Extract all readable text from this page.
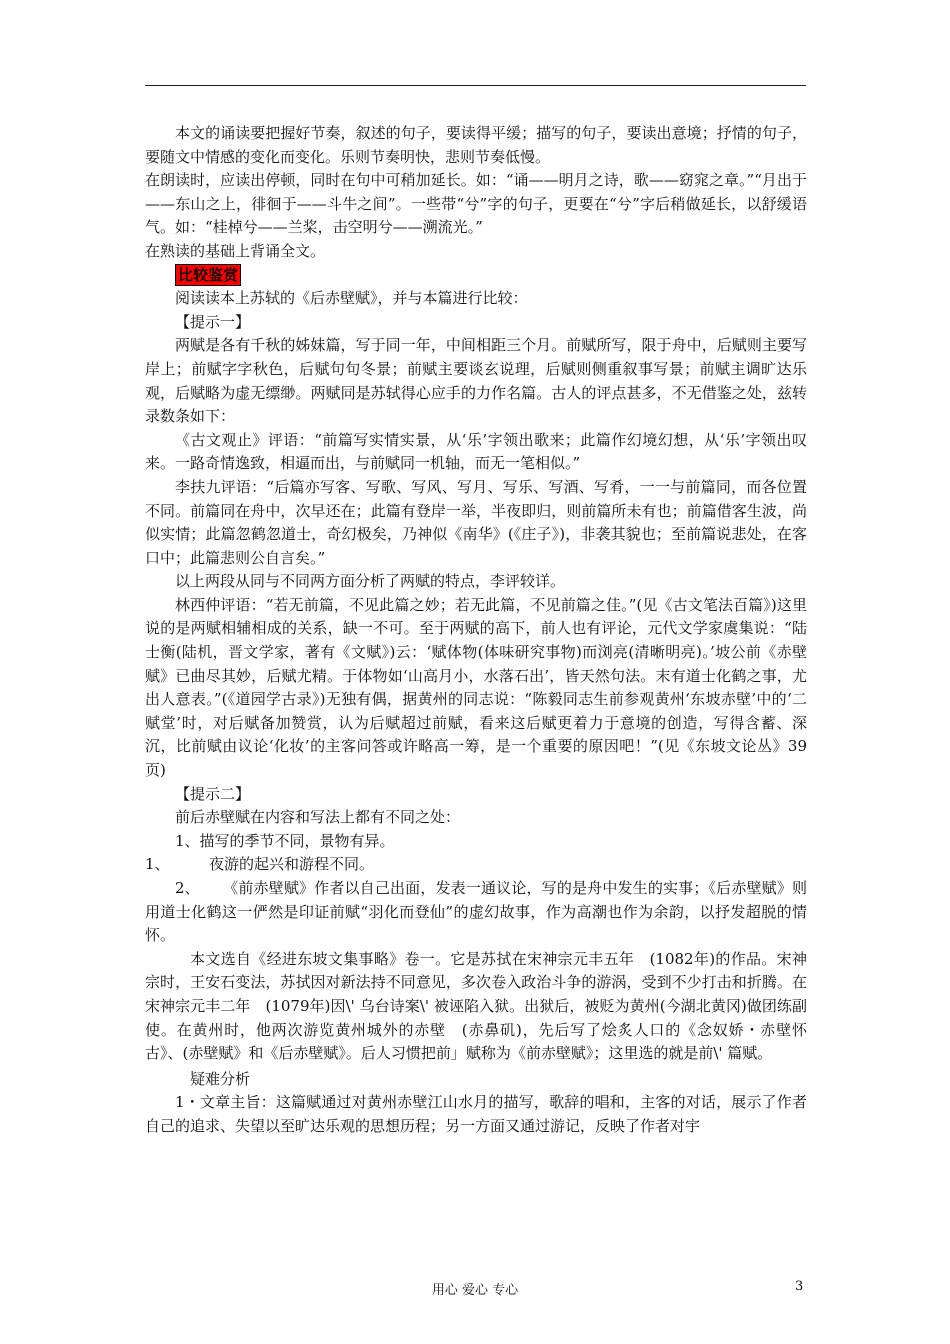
本文的诵读要把握好节奏，叙述的句子，要读得平缓；描写的句子，要读出意境；抒情的句子，要随文中情感的变化而变化。乐则节奏明快，悲则节奏低慢。

在朗读时，应读出停顿，同时在句中可稍加延长。如：“诵——明月之诗，歌——窈窕之章。”“月出于——东山之上，徘徊于——斗牛之间”。一些带“兮”字的句子，更要在“兮”字后稍做延长，以舒缓语气。如：“桂棹兮——兰桨，击空明兮——溯流光。”

在熟读的基础上背诵全文。

比较鉴赏

阅读读本上苏轼的《后赤壁赋》，并与本篇进行比较：

【提示一】

两赋是各有千秋的姊妹篇，写于同一年，中间相距三个月。前赋所写，限于舟中，后赋则主要写岸上；前赋字字秋色，后赋句句冬景；前赋主要谈玄说理，后赋则侧重叙事写景；前赋主调旷达乐观，后赋略为虚无缥缈。两赋同是苏轼得心应手的力作名篇。古人的评点甚多，不无借鉴之处，兹转录数条如下：

《古文观止》评语：“前篇写实情实景，从‘乐’字领出歌来；此篇作幻境幻想，从‘乐’字领出叹来。一路奇情逸致，相逼而出，与前赋同一机轴，而无一笔相似。”

李扶九评语：“后篇亦写客、写歌、写风、写月、写乐、写酒、写肴，一一与前篇同，而各位置不同。前篇同在舟中，次早还在；此篇有登岸一举，半夜即归，则前篇所未有也；前篇借客生波，尚似实情；此篇忽鹤忽道士，奇幻极矣，乃神似《南华》(《庄子》)，非袭其貌也；至前篇说悲处，在客口中；此篇悲则公自言矣。”

以上两段从同与不同两方面分析了两赋的特点，李评较详。

林西仲评语：“若无前篇，不见此篇之妙；若无此篇，不见前篇之佳。”(见《古文笔法百篇》)这里说的是两赋相辅相成的关系，缺一不可。至于两赋的高下，前人也有评论，元代文学家虞集说：“陆士衡(陆机，晋文学家，著有《文赋》)云：‘赋体物(体味研究事物)而浏亮(清晰明亮)。’坡公前《赤壁赋》已曲尽其妙，后赋尤精。于体物如‘山高月小，水落石出’，皆天然句法。末有道士化鹤之事，尤出人意表。”(《道园学古录》)无独有偶，据黄州的同志说：“陈毅同志生前参观黄州‘东坡赤壁’中的‘二赋堂’时，对后赋备加赞赏，认为后赋超过前赋，看来这后赋更着力于意境的创造，写得含蓄、深沉，比前赋由议论‘化妆’的主客问答或许略高一筹，是一个重要的原因吧！”(见《东坡文论丛》39页)

【提示二】

前后赤壁赋在内容和写法上都有不同之处：

1、描写的季节不同，景物有异。

1、	夜游的起兴和游程不同。

2、 《前赤壁赋》作者以自己出面，发表一通议论，写的是舟中发生的实事；《后赤壁赋》则用道士化鹤这一俨然是印证前赋“羽化而登仙”的虚幻故事，作为高潮也作为余韵，以抒发超脱的情怀。

本文选自《经进东坡文集事略》卷一。它是苏拭在宋神宗元丰五年　(1082年)的作品。宋神宗时，王安石变法，苏拭因对新法持不同意见，多次卷入政治斗争的游涡，受到不少打击和折腾。在宋神宗元丰二年　(1079年)因\' 乌台诗案\' 被诬陷入狱。出狱后，被贬为黄州(今湖北黄冈)做团练副使。在黄州时，他两次游览黄州城外的赤壁　(赤鼻矶)，先后写了烩炙人口的《念奴娇・赤壁怀古》、(赤壁赋》和《后赤壁赋》。后人习惯把前」赋称为《前赤壁赋》；这里选的就是前\' 篇赋。

疑难分析

1・文章主旨：这篇赋通过对黄州赤壁江山水月的描写，歌辞的唱和，主客的对话，展示了作者自己的追求、失望以至旷达乐观的思想历程；另一方面又通过游记，反映了作者对宇

用心 爱心 专心	3
